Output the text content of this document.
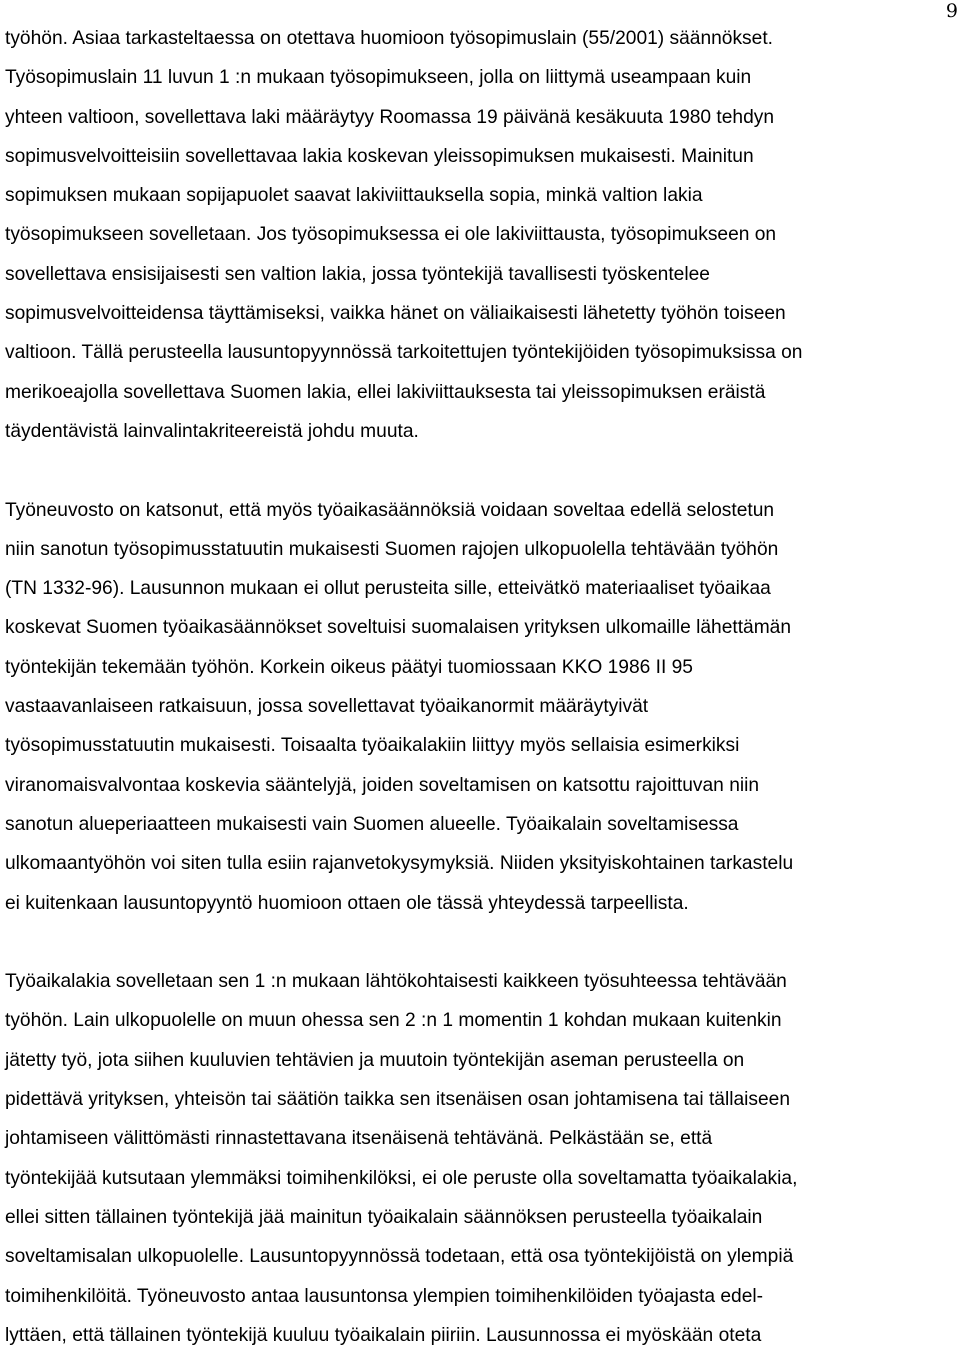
9
työhön. Asiaa tarkasteltaessa on otettava huomioon työsopimuslain (55/2001) säännökset.
Työsopimuslain 11 luvun 1 :n mukaan työsopimukseen, jolla on liittymä useampaan kuin
yhteen valtioon, sovellettava laki määräytyy Roomassa 19 päivänä kesäkuuta 1980 tehdyn
sopimusvelvoitteisiin sovellettavaa lakia koskevan yleissopimuksen mukaisesti. Mainitun
sopimuksen mukaan sopijapuolet saavat lakiviittauksella sopia, minkä valtion lakia
työsopimukseen sovelletaan. Jos työsopimuksessa ei ole lakiviittausta, työsopimukseen on
sovellettava ensisijaisesti sen valtion lakia, jossa työntekijä tavallisesti työskentelee
sopimusvelvoitteidensa täyttämiseksi, vaikka hänet on väliaikaisesti lähetetty työhön toiseen
valtioon. Tällä perusteella lausuntopyynnössä tarkoitettujen työntekijöiden työsopimuksissa on
merikoeajolla sovellettava Suomen lakia, ellei lakiviittauksesta tai yleissopimuksen eräistä
täydentävistä lainvalintakriteereistä johdu muuta.
Työneuvosto on katsonut, että myös työaikasäännöksiä voidaan soveltaa edellä selostetun
niin sanotun työsopimusstatuutin mukaisesti Suomen rajojen ulkopuolella tehtävään työhön
(TN 1332-96). Lausunnon mukaan ei ollut perusteita sille, etteivätkö materiaaliset työaikaa
koskevat Suomen työaikasäännökset soveltuisi suomalaisen yrityksen ulkomaille lähettämän
työntekijän tekemään työhön. Korkein oikeus päätyi tuomiossaan KKO 1986 II 95
vastaavanlaiseen ratkaisuun, jossa sovellettavat työaikanormit määräytyivät
työsopimusstatuutin mukaisesti. Toisaalta työaikalakiin liittyy myös sellaisia esimerkiksi
viranomaisvalvontaa koskevia sääntelyjä, joiden soveltamisen on katsottu rajoittuvan niin
sanotun alueperiaatteen mukaisesti vain Suomen alueelle. Työaikalain soveltamisessa
ulkomaantyöhön voi siten tulla esiin rajanvetokysymyksiä. Niiden yksityiskohtainen tarkastelu
ei kuitenkaan lausuntopyyntö huomioon ottaen ole tässä yhteydessä tarpeellista.
Työaikalakia sovelletaan sen 1 :n mukaan lähtökohtaisesti kaikkeen työsuhteessa tehtävään
työhön. Lain ulkopuolelle on muun ohessa sen 2 :n 1 momentin 1 kohdan mukaan kuitenkin
jätetty työ, jota siihen kuuluvien tehtävien ja muutoin työntekijän aseman perusteella on
pidettävä yrityksen, yhteisön tai säätiön taikka sen itsenäisen osan johtamisena tai tällaiseen
johtamiseen välittömästi rinnastettavana itsenäisenä tehtävänä. Pelkästään se, että
työntekijää kutsutaan ylemmäksi toimihenkilöksi, ei ole peruste olla soveltamatta työaikalakia,
ellei sitten tällainen työntekijä jää mainitun työaikalain säännöksen perusteella työaikalain
soveltamisalan ulkopuolelle. Lausuntopyynnössä todetaan, että osa työntekijöistä on ylempiä
toimihenkilöitä. Työneuvosto antaa lausuntonsa ylempien toimihenkilöiden työajasta edel-
lyttäen, että tällainen työntekijä kuuluu työaikalain piiriin. Lausunnossa ei myöskään oteta
